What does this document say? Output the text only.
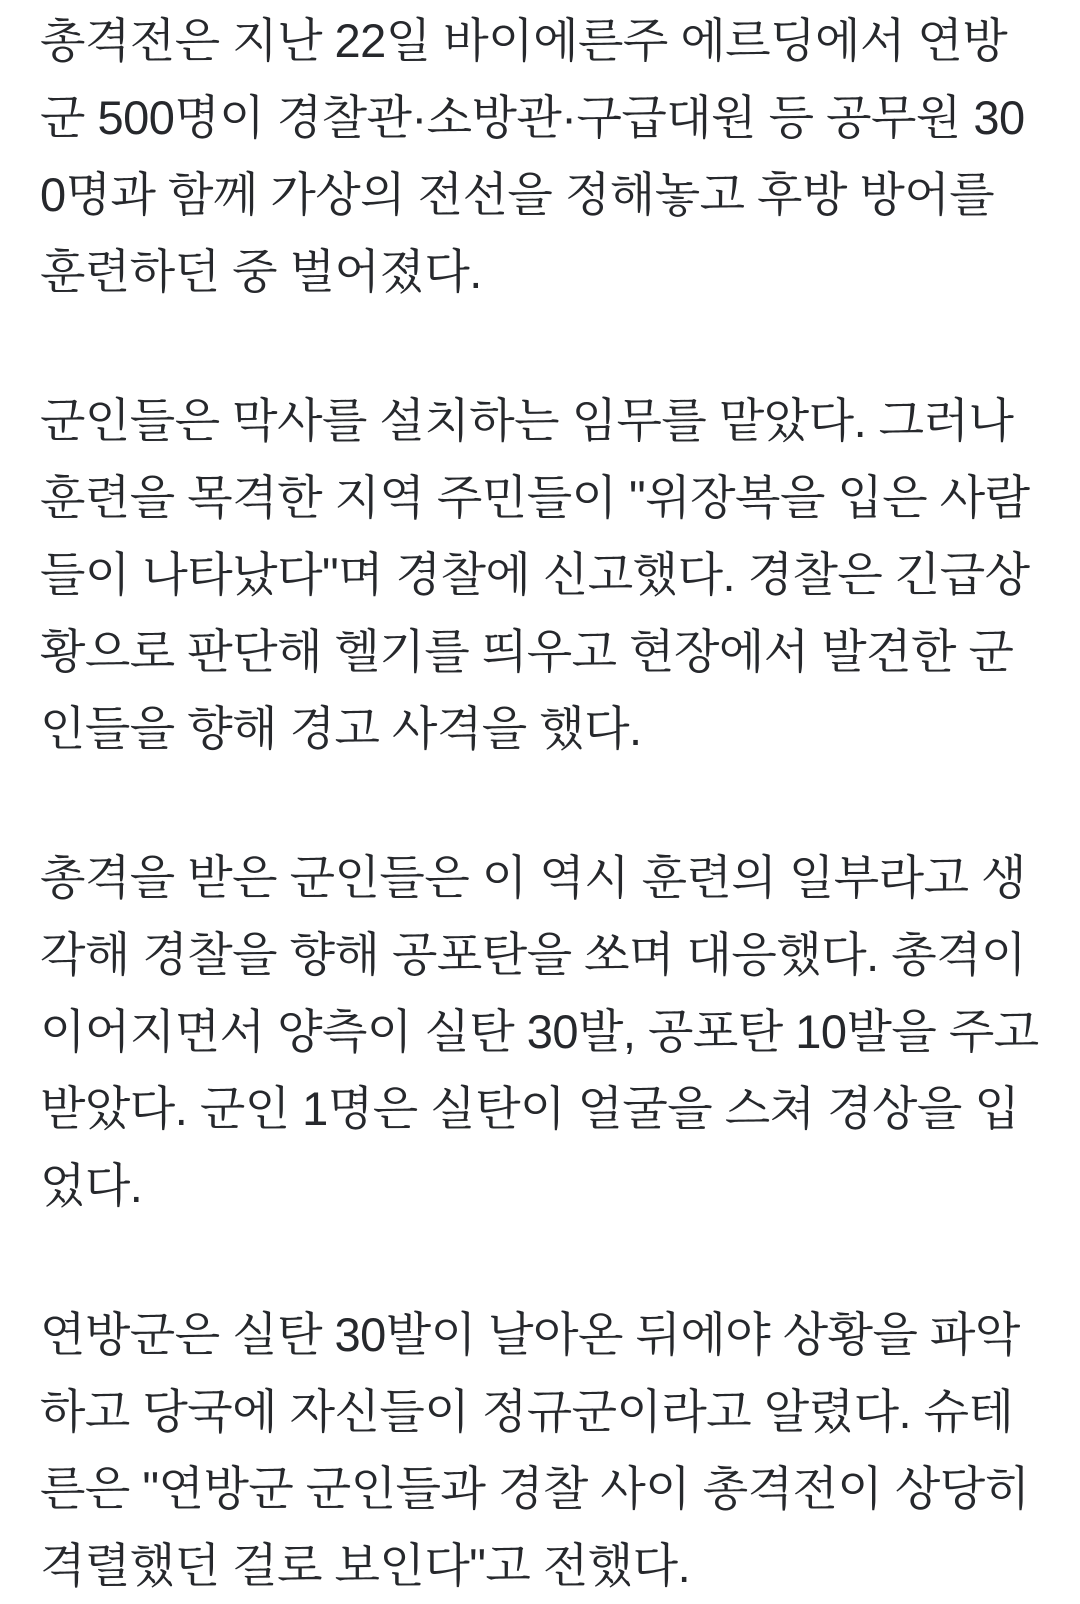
총격전은 지난 22일 바이에른주 에르딩에서 연방군 500명이 경찰관·소방관·구급대원 등 공무원 300명과 함께 가상의 전선을 정해놓고 후방 방어를 훈련하던 중 벌어졌다.

군인들은 막사를 설치하는 임무를 맡았다. 그러나 훈련을 목격한 지역 주민들이 "위장복을 입은 사람들이 나타났다"며 경찰에 신고했다. 경찰은 긴급상황으로 판단해 헬기를 띄우고 현장에서 발견한 군인들을 향해 경고 사격을 했다.

총격을 받은 군인들은 이 역시 훈련의 일부라고 생각해 경찰을 향해 공포탄을 쏘며 대응했다. 총격이 이어지면서 양측이 실탄 30발, 공포탄 10발을 주고받았다. 군인 1명은 실탄이 얼굴을 스쳐 경상을 입었다.

연방군은 실탄 30발이 날아온 뒤에야 상황을 파악하고 당국에 자신들이 정규군이라고 알렸다. 슈테른은 "연방군 군인들과 경찰 사이 총격전이 상당히 격렬했던 걸로 보인다"고 전했다.
